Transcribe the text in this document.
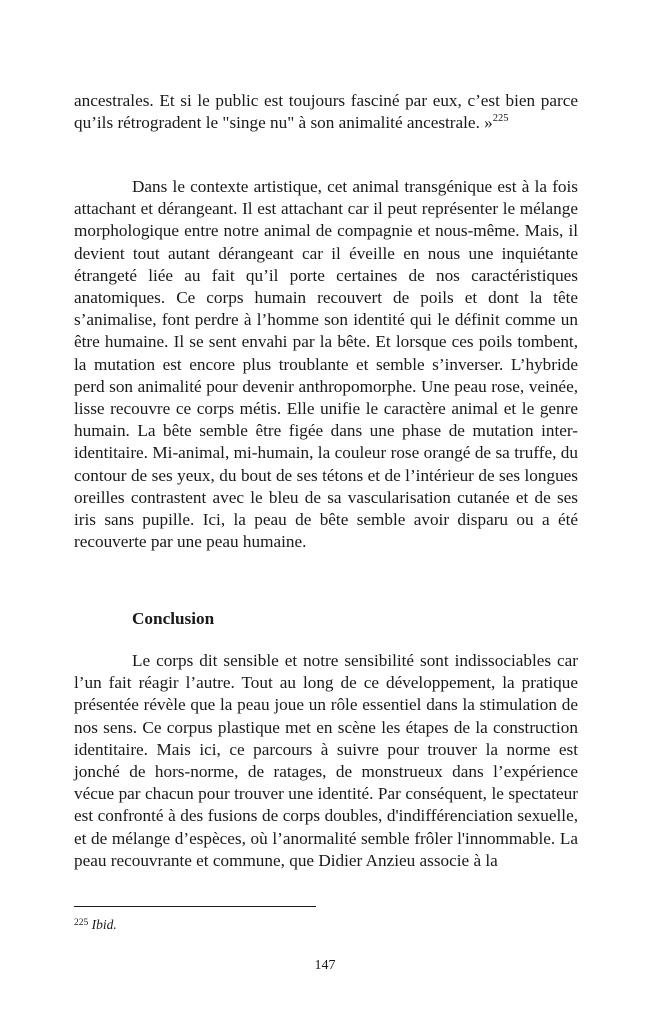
ancestrales. Et si le public est toujours fasciné par eux, c’est bien parce qu’ils rétrogradent le "singe nu" à son animalité ancestrale. »$^{225}$

Dans le contexte artistique, cet animal transgénique est à la fois attachant et dérangeant. Il est attachant car il peut représenter le mélange morphologique entre notre animal de compagnie et nous-même. Mais, il devient tout autant dérangeant car il éveille en nous une inquiétante étrangeté liée au fait qu’il porte certaines de nos caractéristiques anatomiques. Ce corps humain recouvert de poils et dont la tête s’animalise, font perdre à l’homme son identité qui le définit comme un être humaine. Il se sent envahi par la bête. Et lorsque ces poils tombent, la mutation est encore plus troublante et semble s’inverser. L’hybride perd son animalité pour devenir anthropomorphe. Une peau rose, veinée, lisse recouvre ce corps métis. Elle unifie le caractère animal et le genre humain. La bête semble être figée dans une phase de mutation inter-identitaire. Mi-animal, mi-humain, la couleur rose orangé de sa truffe, du contour de ses yeux, du bout de ses tétons et de l’intérieur de ses longues oreilles contrastent avec le bleu de sa vascularisation cutanée et de ses iris sans pupille. Ici, la peau de bête semble avoir disparu ou a été recouverte par une peau humaine.

Conclusion

Le corps dit sensible et notre sensibilité sont indissociables car l’un fait réagir l’autre. Tout au long de ce développement, la pratique présentée révèle que la peau joue un rôle essentiel dans la stimulation de nos sens. Ce corpus plastique met en scène les étapes de la construction identitaire. Mais ici, ce parcours à suivre pour trouver la norme est jonché de hors-norme, de ratages, de monstrueux dans l’expérience vécue par chacun pour trouver une identité. Par conséquent, le spectateur est confronté à des fusions de corps doubles, d'indifférenciation sexuelle, et de mélange d’espèces, où l’anormalité semble frôler l'innommable. La peau recouvrante et commune, que Didier Anzieu associe à la

$^{225}$ Ibid.
147
